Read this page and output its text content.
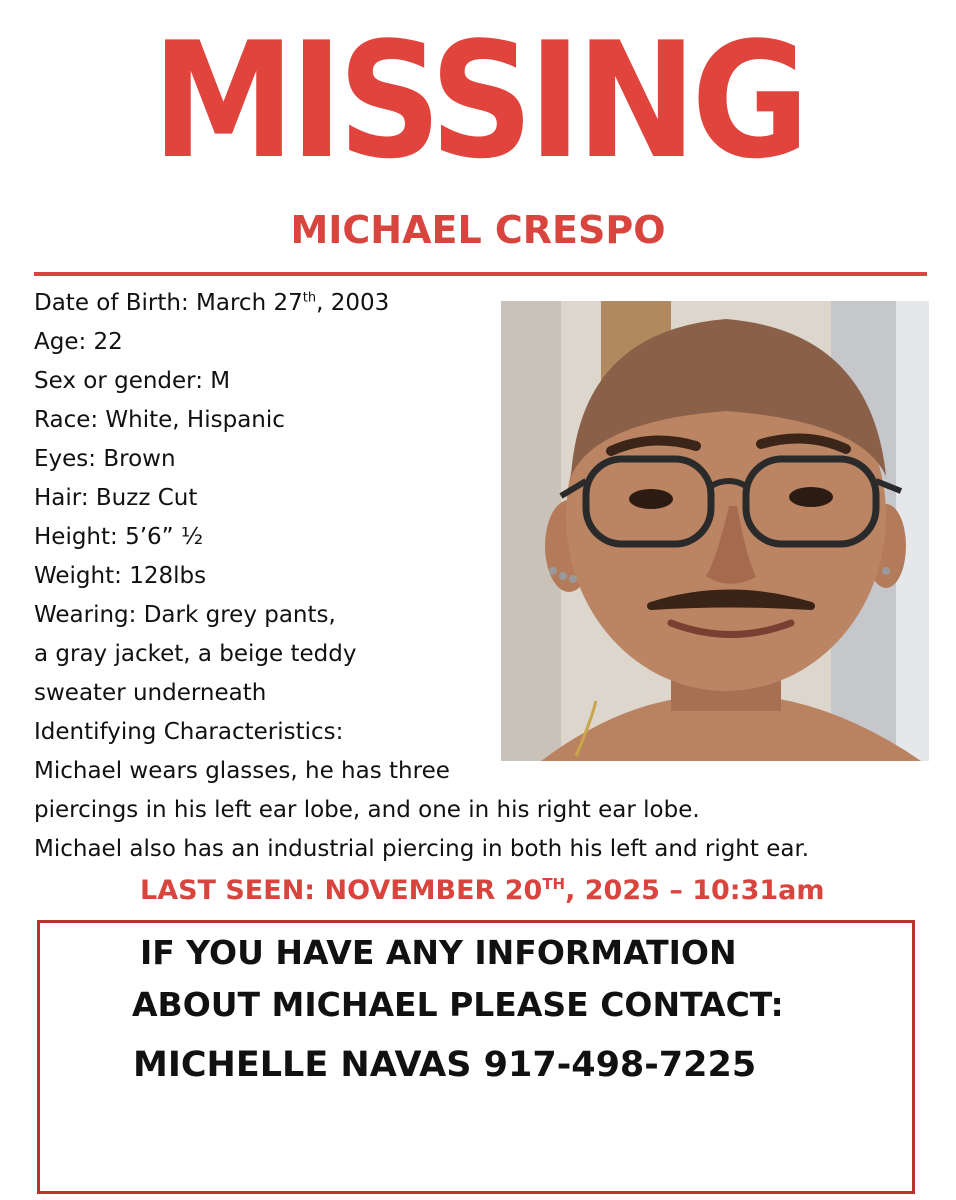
MISSING
MICHAEL CRESPO
Date of Birth: March 27th, 2003
Age: 22
Sex or gender: M
Race: White, Hispanic
Eyes: Brown
Hair: Buzz Cut
Height: 5’6” ½
Weight: 128lbs
Wearing: Dark grey pants,
a gray jacket, a beige teddy
sweater underneath
Identifying Characteristics:
Michael wears glasses, he has three
piercings in his left ear lobe, and one in his right ear lobe.
Michael also has an industrial piercing in both his left and right ear.
LAST SEEN: NOVEMBER 20TH, 2025 – 10:31am
IF YOU HAVE ANY INFORMATION
ABOUT MICHAEL PLEASE CONTACT:
MICHELLE NAVAS 917-498-7225
